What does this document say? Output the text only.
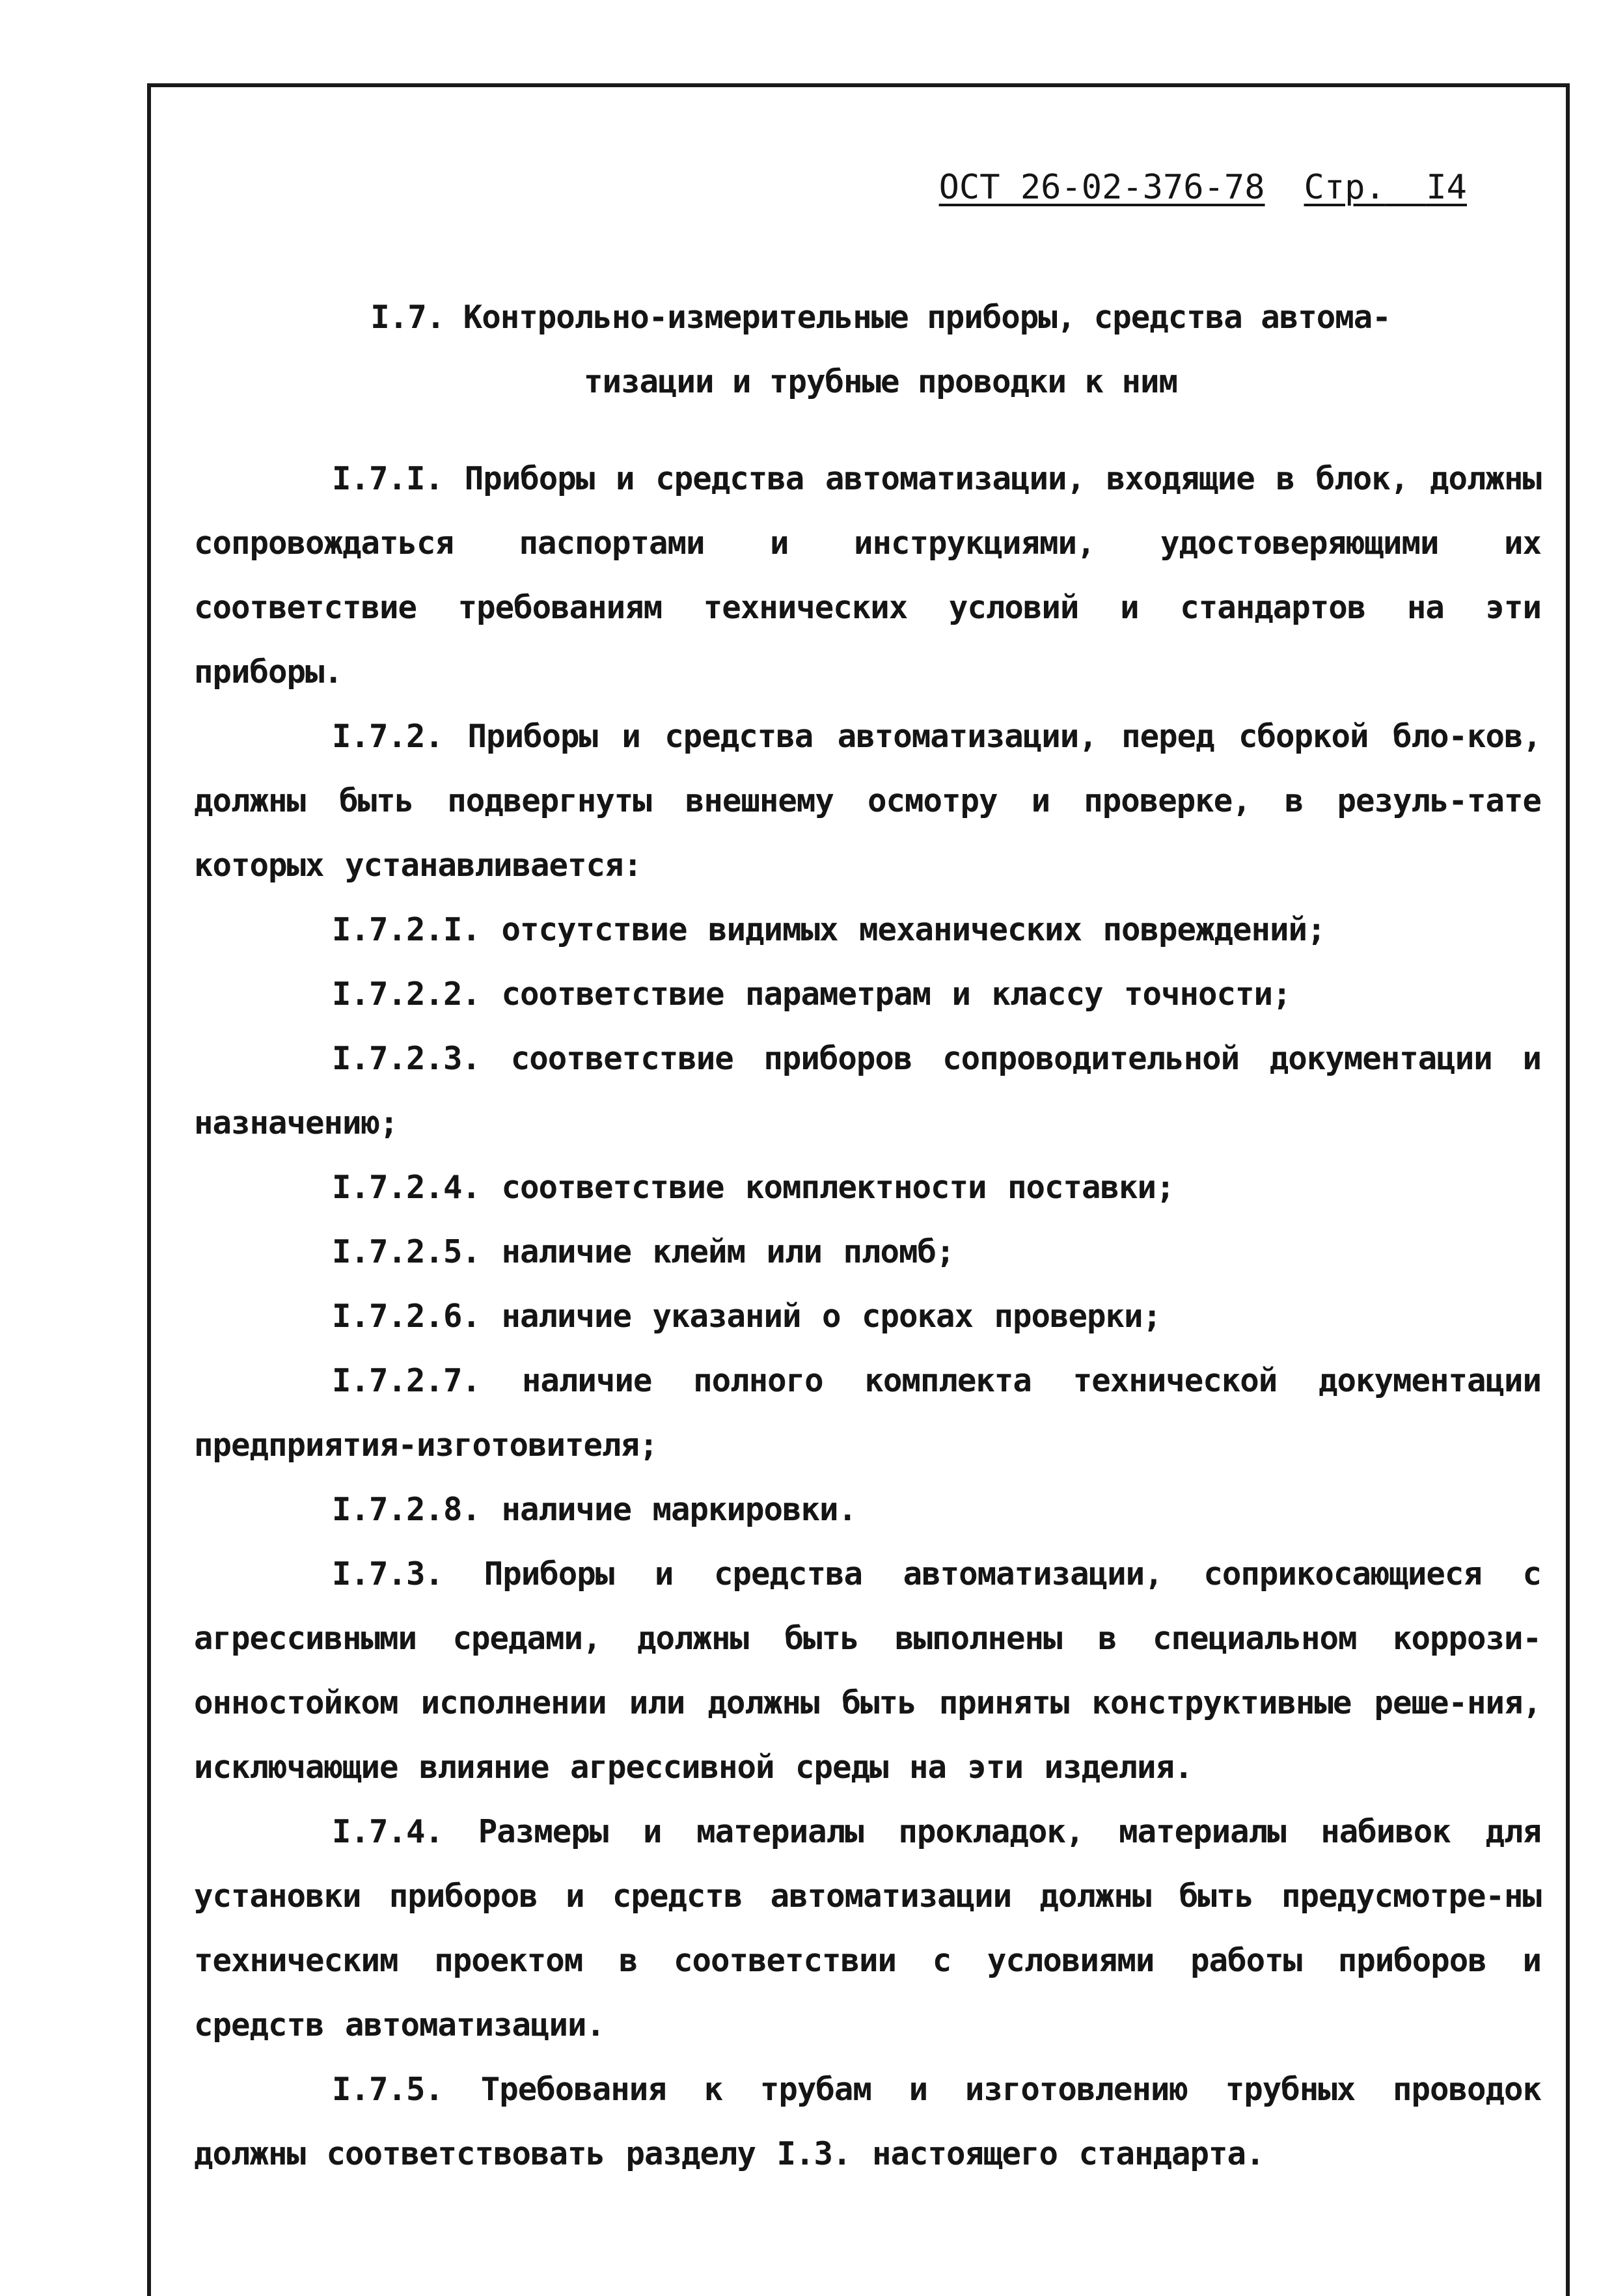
ОСТ 26-02-376-78 Стр. I4
I.7. Контрольно-измерительные приборы, средства автома-
тизации и трубные проводки к ним

I.7.I. Приборы и средства автоматизации, входящие в блок, должны сопровождаться паспортами и инструкциями, удостоверяющими их соответствие требованиям технических условий и стандартов на эти приборы.

I.7.2. Приборы и средства автоматизации, перед сборкой бло-ков, должны быть подвергнуты внешнему осмотру и проверке, в резуль-тате которых устанавливается:

I.7.2.I. отсутствие видимых механических повреждений;

I.7.2.2. соответствие параметрам и классу точности;

I.7.2.3. соответствие приборов сопроводительной документации и назначению;

I.7.2.4. соответствие комплектности поставки;

I.7.2.5. наличие клейм или пломб;

I.7.2.6. наличие указаний о сроках проверки;

I.7.2.7. наличие полного комплекта технической документации предприятия-изготовителя;

I.7.2.8. наличие маркировки.

I.7.3. Приборы и средства автоматизации, соприкосающиеся с агрессивными средами, должны быть выполнены в специальном коррози-онностойком исполнении или должны быть приняты конструктивные реше-ния, исключающие влияние агрессивной среды на эти изделия.

I.7.4. Размеры и материалы прокладок, материалы набивок для установки приборов и средств автоматизации должны быть предусмотре-ны техническим проектом в соответствии с условиями работы приборов и средств автоматизации.

I.7.5. Требования к трубам и изготовлению трубных проводок должны соответствовать разделу I.3. настоящего стандарта.
